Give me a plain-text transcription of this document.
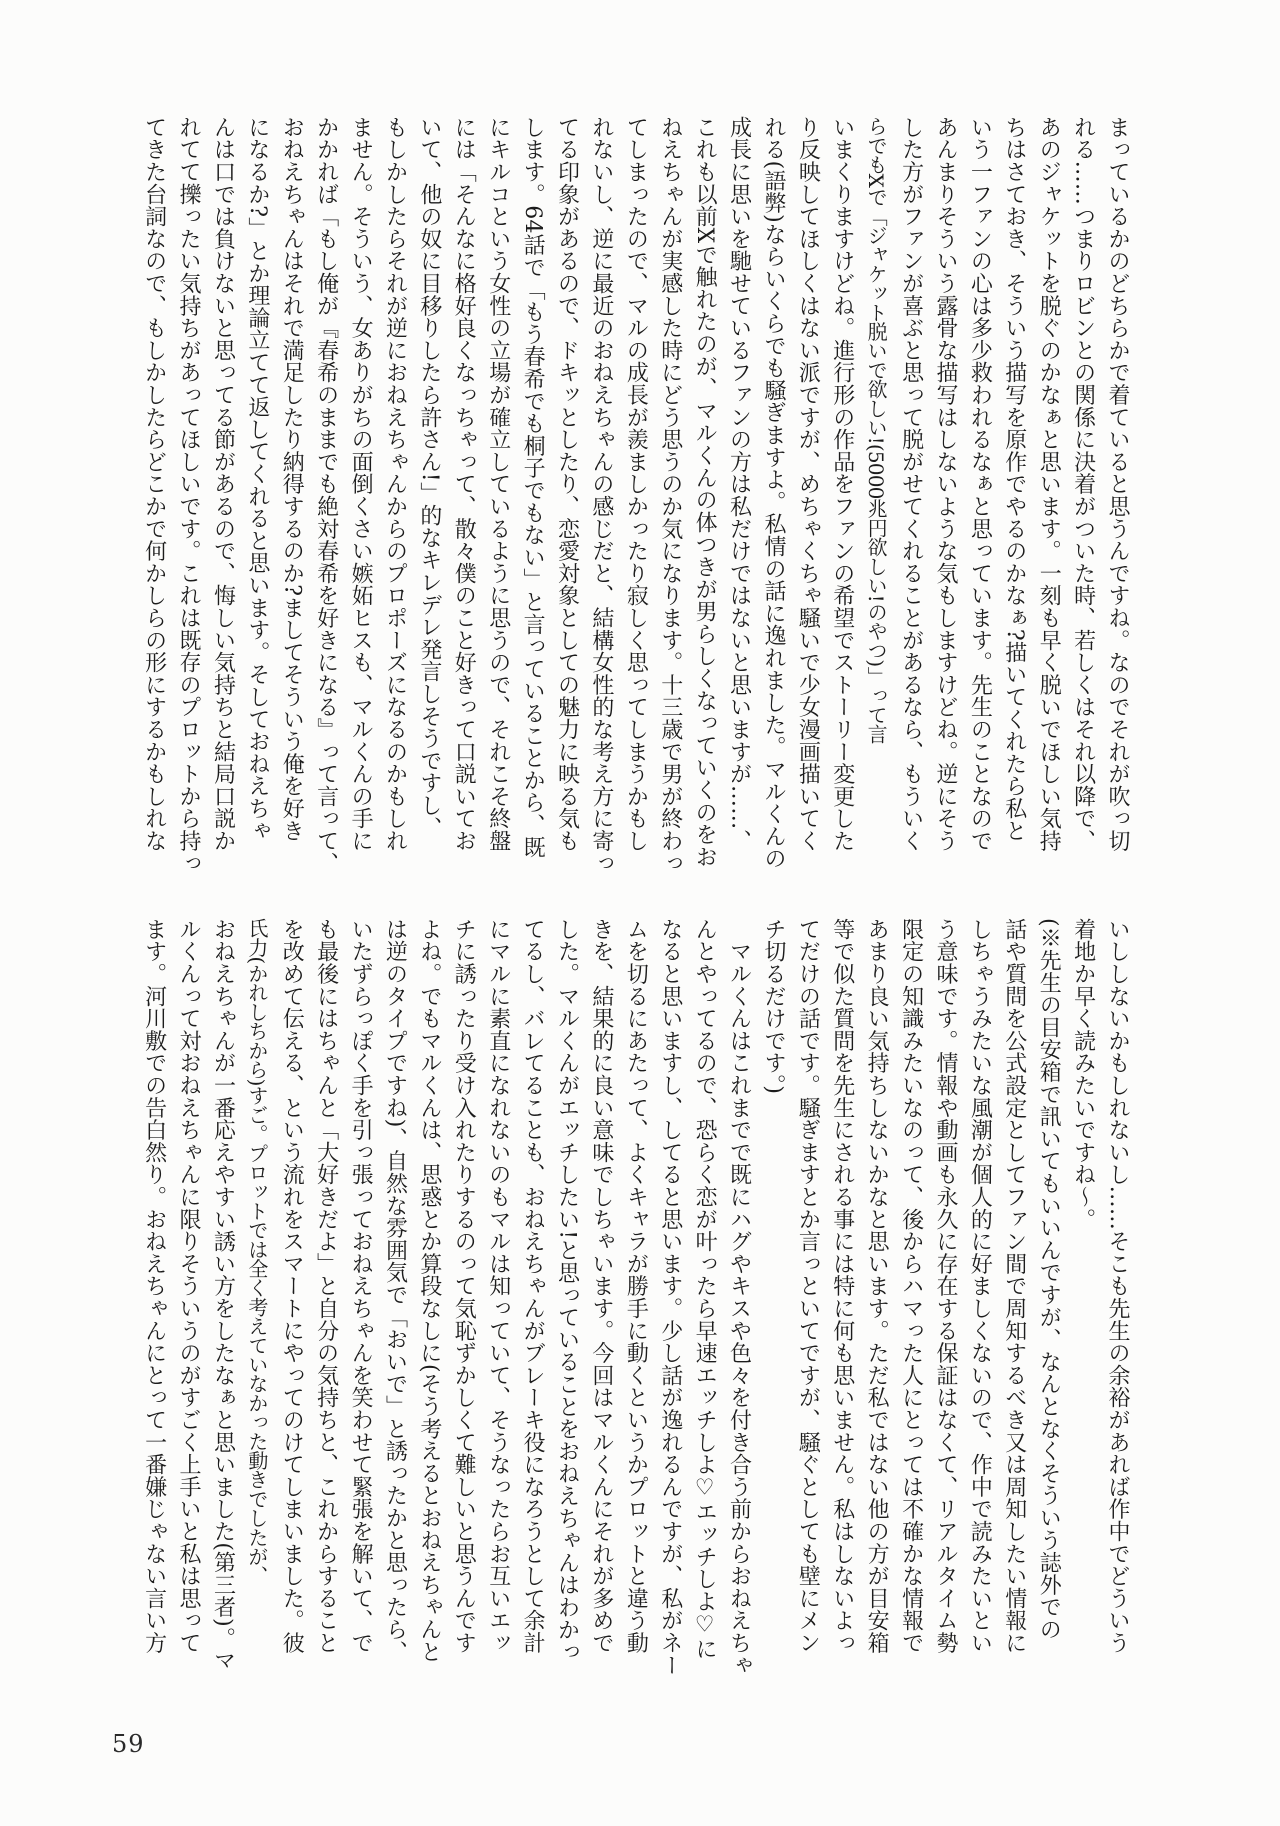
まっているかのどちらかで着ていると思うんですね。なのでそれが吹っ切
れる……つまりロビンとの関係に決着がついた時、若しくはそれ以降で、
あのジャケットを脱ぐのかなぁと思います。一刻も早く脱いでほしい気持
ちはさておき、そういう描写を原作でやるのかなぁ?描いてくれたら私と
いう一ファンの心は多少救われるなぁと思っています。先生のことなので
あんまりそういう露骨な描写はしないような気もしますけどね。逆にそう
した方がファンが喜ぶと思って脱がせてくれることがあるなら、もういく
らでもXで「ジャケット脱いで欲しい!(5000兆円欲しい!のやつ)」って言
いまくりますけどね。進行形の作品をファンの希望でストーリー変更した
り反映してほしくはない派ですが、めちゃくちゃ騒いで少女漫画描いてく
れる(語弊)ならいくらでも騒ぎますよ。私情の話に逸れました。マルくんの
成長に思いを馳せているファンの方は私だけではないと思いますが……、
これも以前Xで触れたのが、マルくんの体つきが男らしくなっていくのをお
ねえちゃんが実感した時にどう思うのか気になります。十三歳で男が終わっ
てしまったので、マルの成長が羨ましかったり寂しく思ってしまうかもし
れないし、逆に最近のおねえちゃんの感じだと、結構女性的な考え方に寄っ
てる印象があるので、ドキッとしたり、恋愛対象としての魅力に映る気も
します。64話で「もう春希でも桐子でもない」と言っていることから、既
にキルコという女性の立場が確立しているように思うので、それこそ終盤
には「そんなに格好良くなっちゃって、散々僕のこと好きって口説いてお
いて、他の奴に目移りしたら許さん!」的なキレデレ発言しそうですし、
もしかしたらそれが逆におねえちゃんからのプロポーズになるのかもしれ
ません。そういう、女ありがちの面倒くさい嫉妬ヒスも、マルくんの手に
かかれば「もし俺が『春希のままでも絶対春希を好きになる』って言って、
おねえちゃんはそれで満足したり納得するのか?ましてそういう俺を好き
になるか?」とか理論立てて返してくれると思います。そしておねえちゃ
んは口では負けないと思ってる節があるので、悔しい気持ちと結局口説か
れてて擽ったい気持ちがあってほしいです。これは既存のプロットから持っ
てきた台詞なので、もしかしたらどこかで何かしらの形にするかもしれな
いししないかもしれないし……そこも先生の余裕があれば作中でどういう
着地か早く読みたいですね〜。
(※先生の目安箱で訊いてもいいんですが、なんとなくそういう誌外での
話や質問を公式設定としてファン間で周知するべき又は周知したい情報に
しちゃうみたいな風潮が個人的に好ましくないので、作中で読みたいとい
う意味です。情報や動画も永久に存在する保証はなくて、リアルタイム勢
限定の知識みたいなのって、後からハマった人にとっては不確かな情報で
あまり良い気持ちしないかなと思います。ただ私ではない他の方が目安箱
等で似た質問を先生にされる事には特に何も思いません。私はしないよっ
てだけの話です。騒ぎますとか言っといてですが、騒ぐとしても壁にメン
チ切るだけです。)
　マルくんはこれまでで既にハグやキスや色々を付き合う前からおねえちゃ
んとやってるので、恐らく恋が叶ったら早速エッチしよ♡エッチしよ♡に
なると思いますし、してると思います。少し話が逸れるんですが、私がネー
ムを切るにあたって、よくキャラが勝手に動くというかプロットと違う動
きを、結果的に良い意味でしちゃいます。今回はマルくんにそれが多めで
した。マルくんがエッチしたい!と思っていることをおねえちゃんはわかっ
てるし、バレてることも、おねえちゃんがブレーキ役になろうとして余計
にマルに素直になれないのもマルは知っていて、そうなったらお互いエッ
チに誘ったり受け入れたりするのって気恥ずかしくて難しいと思うんです
よね。でもマルくんは、思惑とか算段なしに(そう考えるとおねえちゃんと
は逆のタイプですね)、自然な雰囲気で「おいで」と誘ったかと思ったら、
いたずらっぽく手を引っ張っておねえちゃんを笑わせて緊張を解いて、で
も最後にはちゃんと「大好きだよ」と自分の気持ちと、これからすること
を改めて伝える、という流れをスマートにやってのけてしまいました。彼
氏力(かれしちから)すご。プロットでは全く考えていなかった動きでしたが、
おねえちゃんが一番応えやすい誘い方をしたなぁと思いました(第三者)。マ
ルくんって対おねえちゃんに限りそういうのがすごく上手いと私は思って
ます。河川敷での告白然り。おねえちゃんにとって一番嫌じゃない言い方
59
